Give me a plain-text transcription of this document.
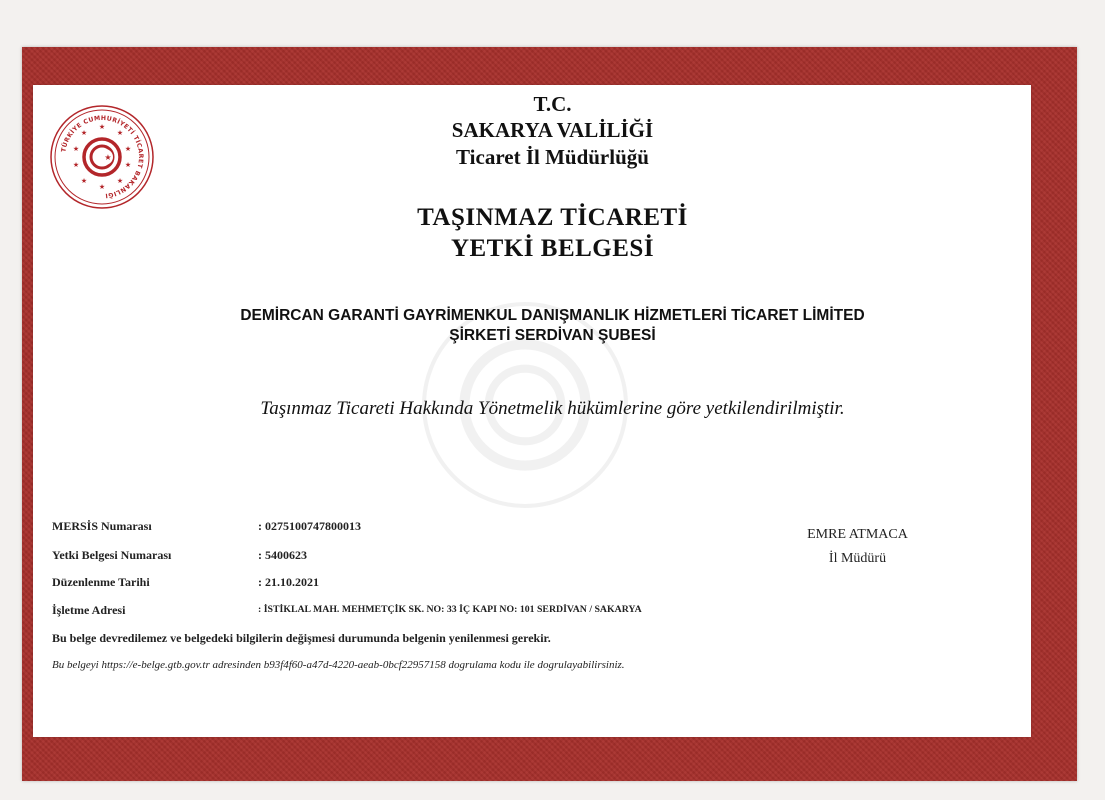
TÜRKİYE CUMHURİYETİ TİCARET BAKANLIĞI
★
★
★
★
★
★
★
★
★
★
★
T.C.
SAKARYA VALİLİĞİ
Ticaret İl Müdürlüğü
TAŞINMAZ TİCARETİ
YETKİ BELGESİ
DEMİRCAN GARANTİ GAYRİMENKUL DANIŞMANLIK HİZMETLERİ TİCARET LİMİTED
ŞİRKETİ SERDİVAN ŞUBESİ
Taşınmaz Ticareti Hakkında Yönetmelik hükümlerine göre yetkilendirilmiştir.
MERSİS Numarası	: 0275100747800013
Yetki Belgesi Numarası	: 5400623
Düzenlenme Tarihi	: 21.10.2021
İşletme Adresi	: İSTİKLAL MAH. MEHMETÇİK SK. NO: 33 İÇ KAPI NO: 101 SERDİVAN / SAKARYA
Bu belge devredilemez ve belgedeki bilgilerin değişmesi durumunda belgenin yenilenmesi gerekir.
Bu belgeyi https://e-belge.gtb.gov.tr adresinden b93f4f60-a47d-4220-aeab-0bcf22957158 dogrulama kodu ile dogrulayabilirsiniz.
EMRE ATMACA
İl Müdürü
